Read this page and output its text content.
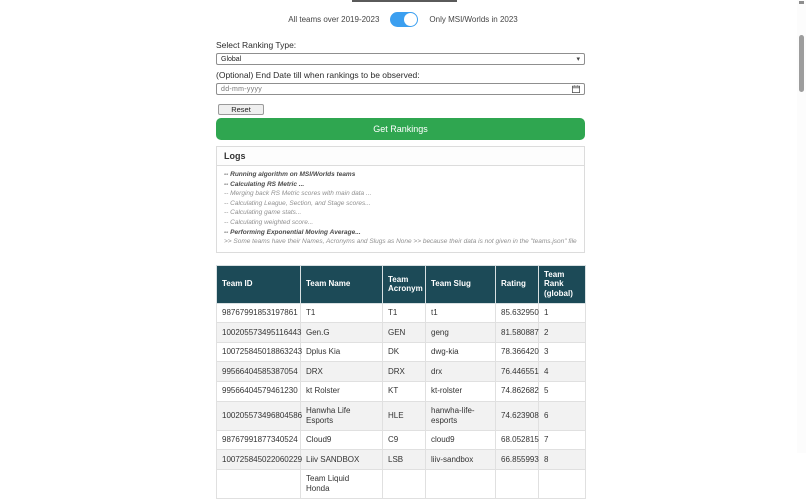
All teams over 2019-2023	Only MSI/Worlds in 2023
Select Ranking Type:
Global	▾
(Optional) End Date till when rankings to be observed:
dd-mm-yyyy
Reset Get Rankings
Logs
-- Running algorithm on MSI/Worlds teams
-- Calculating RS Metric ...
-- Merging back RS Metric scores with main data ...
-- Calculating League, Section, and Stage scores...
-- Calculating game stats...
-- Calculating weighted score...
-- Performing Exponential Moving Average...
>> Some teams have their Names, Acronyms and Slugs as None >> because their data is not given in the "teams.json" file
Team ID	Team Name	Team Acronym	Team Slug	Rating	Team Rank (global)
98767991853197861	T1	T1	t1	85.632950	1
100205573495116443	Gen.G	GEN	geng	81.580887	2
100725845018863243	Dplus Kia	DK	dwg-kia	78.366420	3
99566404585387054	DRX	DRX	drx	76.446551	4
99566404579461230	kt Rolster	KT	kt-rolster	74.862682	5
100205573496804586	Hanwha Life Esports	HLE	hanwha-life-esports	74.623908	6
98767991877340524	Cloud9	C9	cloud9	68.052815	7
100725845022060229	Liiv SANDBOX	LSB	liiv-sandbox	66.855993	8
	Team Liquid Honda				
